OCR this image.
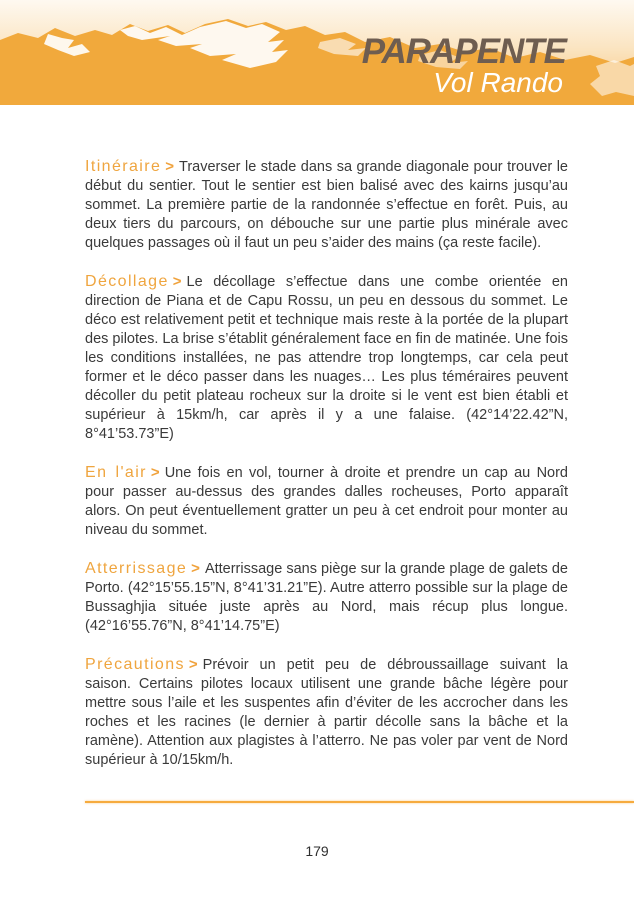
PARAPENTE
Vol Rando

Itinéraire > Traverser le stade dans sa grande diagonale pour trouver le début du sentier. Tout le sentier est bien balisé avec des kairns jusqu’au sommet. La première partie de la randonnée s’effectue en forêt. Puis, au deux tiers du parcours, on débouche sur une partie plus minérale avec quelques passages où il faut un peu s’aider des mains (ça reste facile).

Décollage > Le décollage s’effectue dans une combe orientée en direction de Piana et de Capu Rossu, un peu en dessous du sommet. Le déco est relativement petit et technique mais reste à la portée de la plupart des pilotes. La brise s’établit généralement face en fin de matinée. Une fois les conditions installées, ne pas attendre trop longtemps, car cela peut former et le déco passer dans les nuages… Les plus téméraires peuvent décoller du petit plateau rocheux sur la droite si le vent est bien établi et supérieur à 15km/h, car après il y a une falaise. (42°14’22.42”N, 8°41’53.73”E)

En l'air > Une fois en vol, tourner à droite et prendre un cap au Nord pour passer au-dessus des grandes dalles rocheuses, Porto apparaît alors. On peut éventuellement gratter un peu à cet endroit pour monter au niveau du sommet.

Atterrissage > Atterrissage sans piège sur la grande plage de galets de Porto. (42°15’55.15”N, 8°41’31.21”E). Autre atterro possible sur la plage de Bussaghjia située juste après au Nord, mais récup plus longue. (42°16’55.76”N, 8°41’14.75”E)

Précautions > Prévoir un petit peu de débroussaillage suivant la saison. Certains pilotes locaux utilisent une grande bâche légère pour mettre sous l’aile et les suspentes afin d’éviter de les accrocher dans les roches et les racines (le dernier à partir décolle sans la bâche et la ramène). Attention aux plagistes à l’atterro. Ne pas voler par vent de Nord supérieur à 10/15km/h.

179
